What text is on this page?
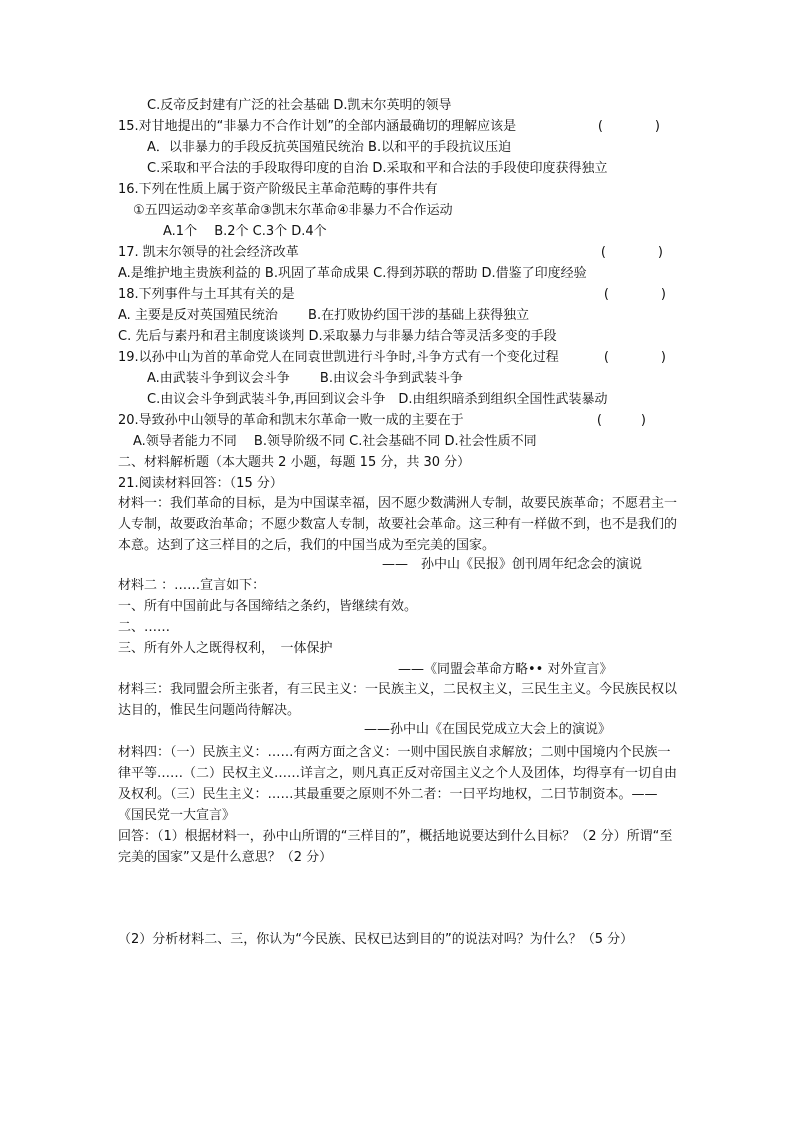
C.反帝反封建有广泛的社会基础 D.凯末尔英明的领导
15.对甘地提出的“非暴力不合作计划”的全部内涵最确切的理解应该是	(　　　　)
A．以非暴力的手段反抗英国殖民统治 B.以和平的手段抗议压迫
C.采取和平合法的手段取得印度的自治 D.采取和平和合法的手段使印度获得独立
16.下列在性质上属于资产阶级民主革命范畴的事件共有
①五四运动②辛亥革命③凯末尔革命④非暴力不合作运动
A.1个　 B.2个 C.3个 D.4个
17. 凯末尔领导的社会经济改革	(　　　　)
A.是维护地主贵族利益的 B.巩固了革命成果 C.得到苏联的帮助 D.借鉴了印度经验
18.下列事件与土耳其有关的是	(　　　　)
A. 主要是反对英国殖民统治　　 B.在打败协约国干涉的基础上获得独立
C. 先后与素丹和君主制度谈谈判 D.采取暴力与非暴力结合等灵活多变的手段
19.以孙中山为首的革命党人在同袁世凯进行斗争时,斗争方式有一个变化过程	(　　　　)
A.由武装斗争到议会斗争　　 B.由议会斗争到武装斗争
C.由议会斗争到武装斗争,再回到议会斗争　D.由组织暗杀到组织全国性武装暴动
20.导致孙中山领导的革命和凯末尔革命一败一成的主要在于	(　　　)
A.领导者能力不同　 B.领导阶级不同 C.社会基础不同 D.社会性质不同
二、材料解析题（本大题共 2 小题，每题 15 分，共 30 分）
21.阅读材料回答：（15 分）
材料一：我们革命的目标，是为中国谋幸福，因不愿少数满洲人专制，故要民族革命；不愿君主一人专制，故要政治革命；不愿少数富人专制，故要社会革命。这三种有一样做不到，也不是我们的本意。达到了这三样目的之后，我们的中国当成为至完美的国家。
——　孙中山《民报》创刊周年纪念会的演说
材料二 ：……宣言如下：
一、所有中国前此与各国缔结之条约，皆继续有效。
二、……
三、所有外人之既得权利，　一体保护
——《同盟会革命方略•• 对外宣言》
材料三：我同盟会所主张者，有三民主义：一民族主义，二民权主义，三民生主义。今民族民权以达目的，惟民生问题尚待解决。
——孙中山《在国民党成立大会上的演说》
材料四：（一）民族主义：……有两方面之含义：一则中国民族自求解放；二则中国境内个民族一律平等……（二）民权主义……详言之，则凡真正反对帝国主义之个人及团体，均得享有一切自由及权利。（三）民生主义：……其最重要之原则不外二者：一曰平均地权，二曰节制资本。——《国民党一大宣言》
回答：（1）根据材料一，孙中山所谓的“三样目的”，概括地说要达到什么目标？（2 分）所谓“至完美的国家”又是什么意思？（2 分）
（2）分析材料二、三，你认为“今民族、民权已达到目的”的说法对吗？为什么？（5 分）
